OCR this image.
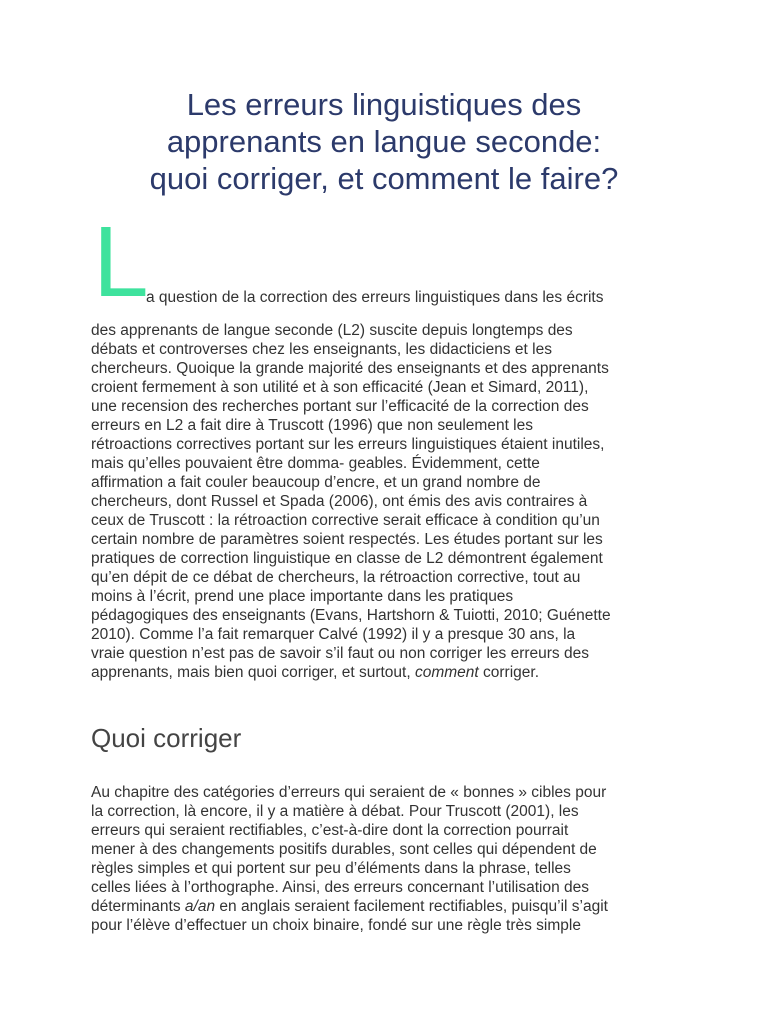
Les erreurs linguistiques des
apprenants en langue seconde:
quoi corriger, et comment le faire?
L
a question de la correction des erreurs linguistiques dans les écrits

des apprenants de langue seconde (L2) suscite depuis longtemps des
débats et controverses chez les enseignants, les didacticiens et les
chercheurs. Quoique la grande majorité des enseignants et des apprenants
croient fermement à son utilité et à son efficacité (Jean et Simard, 2011),
une recension des recherches portant sur l’efficacité de la correction des
erreurs en L2 a fait dire à Truscott (1996) que non seulement les
rétroactions correctives portant sur les erreurs linguistiques étaient inutiles,
mais qu’elles pouvaient être domma- geables. Évidemment, cette
affirmation a fait couler beaucoup d’encre, et un grand nombre de
chercheurs, dont Russel et Spada (2006), ont émis des avis contraires à
ceux de Truscott : la rétroaction corrective serait efficace à condition qu’un
certain nombre de paramètres soient respectés. Les études portant sur les
pratiques de correction linguistique en classe de L2 démontrent également
qu’en dépit de ce débat de chercheurs, la rétroaction corrective, tout au
moins à l’écrit, prend une place importante dans les pratiques
pédagogiques des enseignants (Evans, Hartshorn & Tuiotti, 2010; Guénette
2010). Comme l’a fait remarquer Calvé (1992) il y a presque 30 ans, la
vraie question n’est pas de savoir s’il faut ou non corriger les erreurs des
apprenants, mais bien quoi corriger, et surtout, comment corriger.

Quoi corriger

Au chapitre des catégories d’erreurs qui seraient de « bonnes » cibles pour
la correction, là encore, il y a matière à débat. Pour Truscott (2001), les
erreurs qui seraient rectifiables, c’est-à-dire dont la correction pourrait
mener à des changements positifs durables, sont celles qui dépendent de
règles simples et qui portent sur peu d’éléments dans la phrase, telles
celles liées à l’orthographe. Ainsi, des erreurs concernant l’utilisation des
déterminants a/an en anglais seraient facilement rectifiables, puisqu’il s’agit
pour l’élève d’effectuer un choix binaire, fondé sur une règle très simple
